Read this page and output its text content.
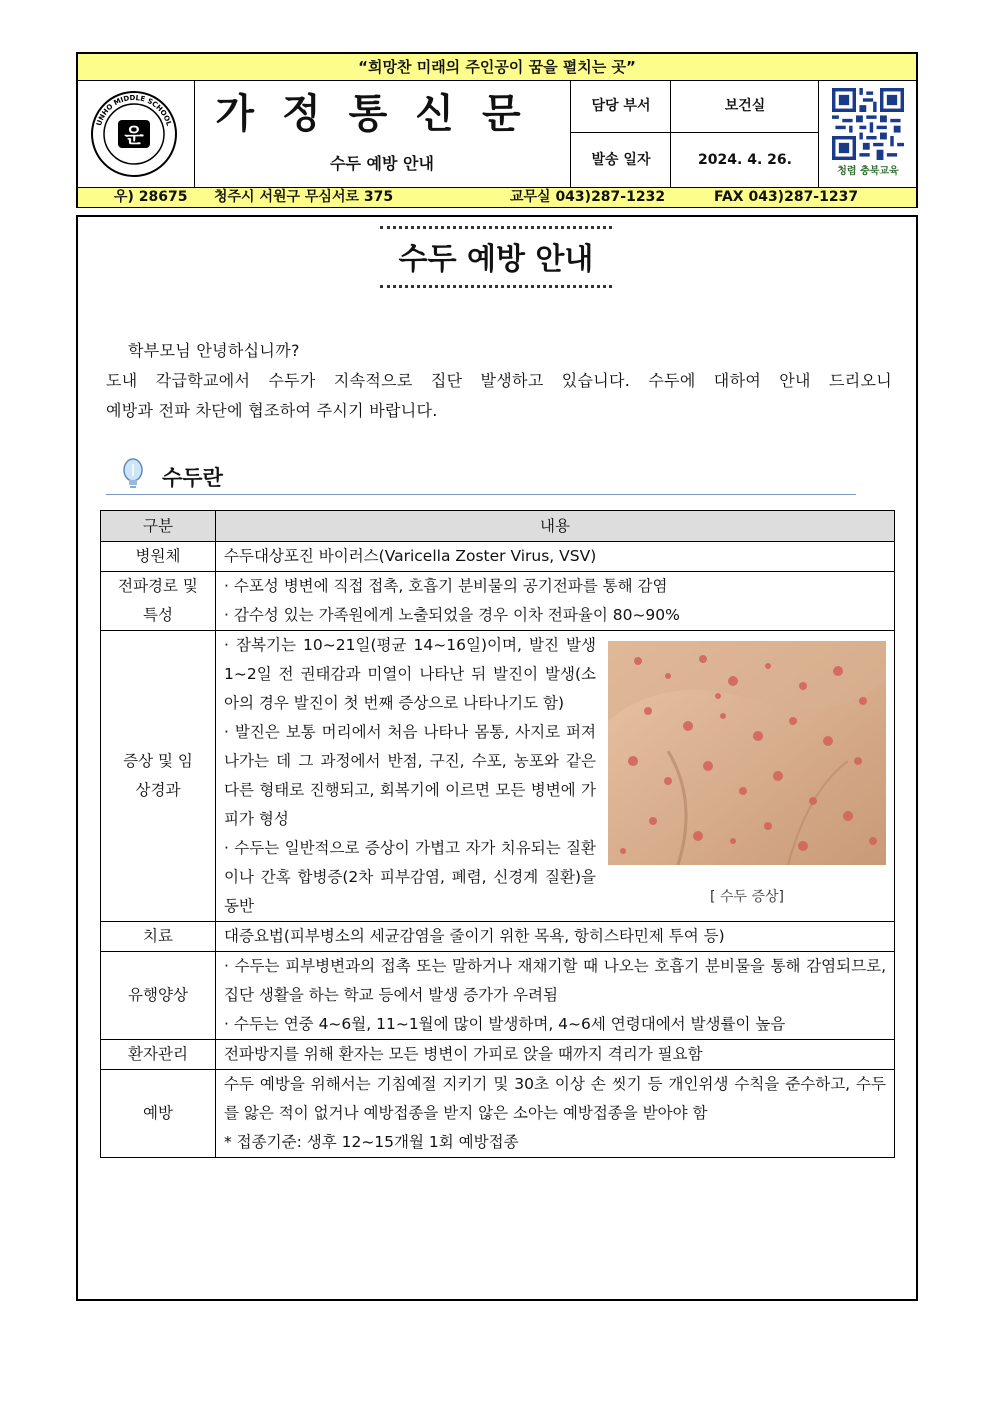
“희망찬 미래의 주인공이 꿈을 펼치는 곳”
UNHO MIDDLE SCHOOL
운	가정통신문
수두 예방 안내
담당 부서	보건실
발송 일자	2024. 4. 26.
청렴 충북교육
우) 28675 청주시 서원구 무심서로 375	교무실 043)287-1232	FAX 043)287-1237
수두 예방 안내
학부모님 안녕하십니까?
도내 각급학교에서 수두가 지속적으로 집단 발생하고 있습니다. 수두에 대하여 안내 드리오니
예방과 전파 차단에 협조하여 주시기 바랍니다.
수두란
구분	내용
병원체	수두대상포진 바이러스(Varicella Zoster Virus, VSV)
전파경로 및 특성	· 수포성 병변에 직접 접촉, 호흡기 분비물의 공기전파를 통해 감염
· 감수성 있는 가족원에게 노출되었을 경우 이차 전파율이 80~90%

증상 및 임상경과	· 잠복기는 10~21일(평균 14~16일)이며, 발진 발생 1~2일 전 권태감과 미열이 나타난 뒤 발진이 발생(소아의 경우 발진이 첫 번째 증상으로 나타나기도 함)
· 발진은 보통 머리에서 처음 나타나 몸통, 사지로 퍼져나가는 데 그 과정에서 반점, 구진, 수포, 농포와 같은 다른 형태로 진행되고, 회복기에 이르면 모든 병변에 가피가 형성
· 수두는 일반적으로 증상이 가볍고 자가 치유되는 질환이나 간혹 합병증(2차 피부감염, 폐렴, 신경계 질환)을 동반 [ 수두 증상]

치료	대증요법(피부병소의 세균감염을 줄이기 위한 목욕, 항히스타민제 투여 등)
유행양상	· 수두는 피부병변과의 접촉 또는 말하거나 재채기할 때 나오는 호흡기 분비물을 통해 감염되므로, 집단 생활을 하는 학교 등에서 발생 증가가 우려됨
· 수두는 연중 4~6월, 11~1월에 많이 발생하며, 4~6세 연령대에서 발생률이 높음

환자관리	전파방지를 위해 환자는 모든 병변이 가피로 앉을 때까지 격리가 필요함
예방	수두 예방을 위해서는 기침예절 지키기 및 30초 이상 손 씻기 등 개인위생 수칙을 준수하고, 수두를 앓은 적이 없거나 예방접종을 받지 않은 소아는 예방접종을 받아야 함
* 접종기준: 생후 12~15개월 1회 예방접종
